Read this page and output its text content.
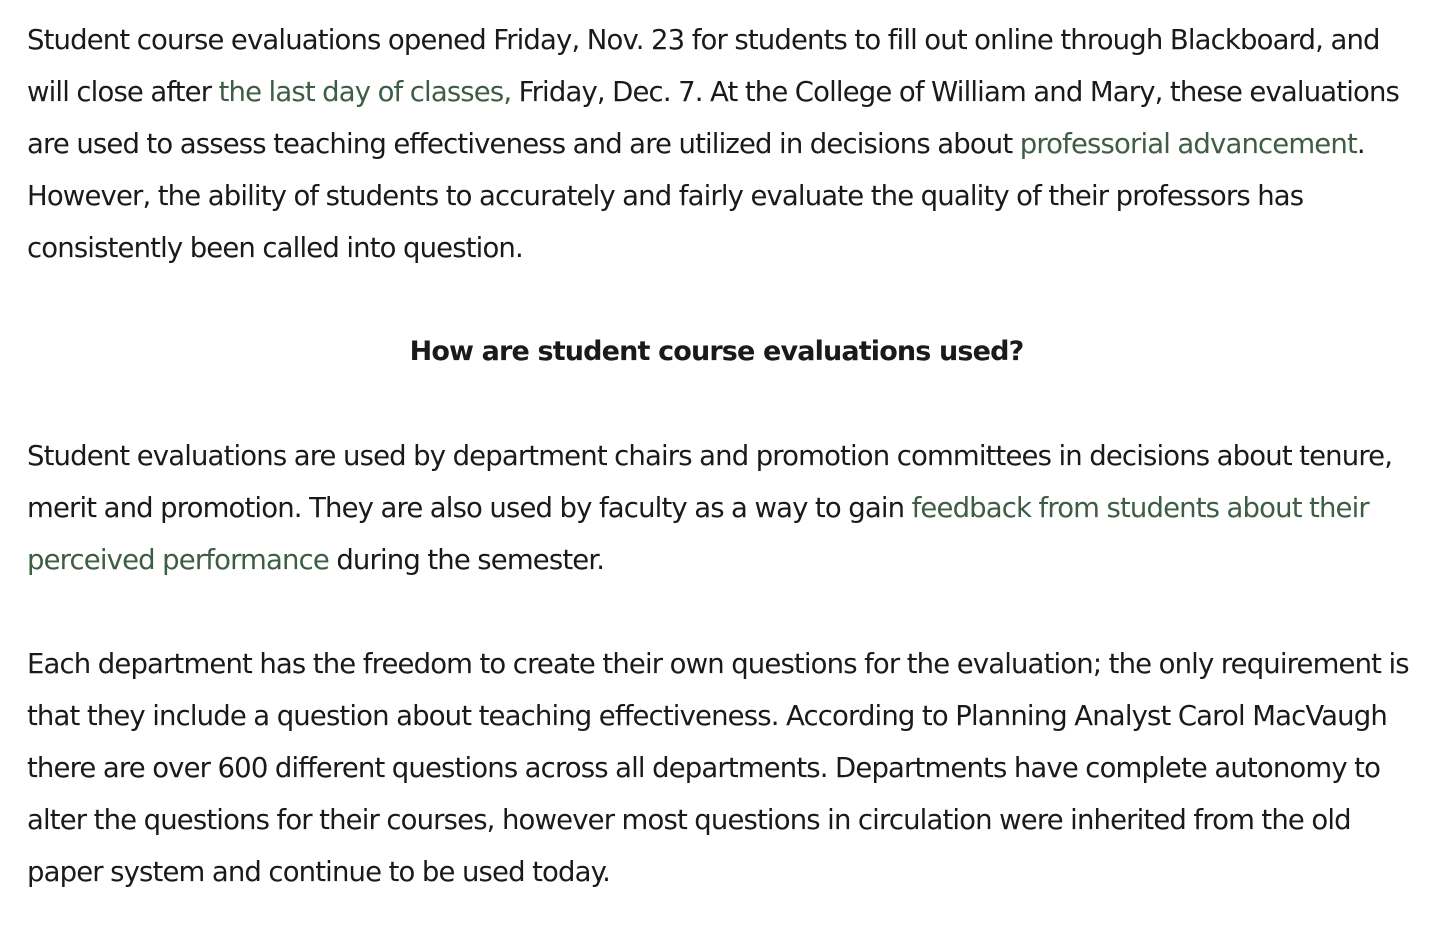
Student course evaluations opened Friday, Nov. 23 for students to fill out online through Blackboard, and will close after the last day of classes, Friday, Dec. 7. At the College of William and Mary, these evaluations are used to assess teaching effectiveness and are utilized in decisions about professorial advancement. However, the ability of students to accurately and fairly evaluate the quality of their professors has consistently been called into question.

How are student course evaluations used?

Student evaluations are used by department chairs and promotion committees in decisions about tenure, merit and promotion. They are also used by faculty as a way to gain feedback from students about their perceived performance during the semester.

Each department has the freedom to create their own questions for the evaluation; the only requirement is that they include a question about teaching effectiveness. According to Planning Analyst Carol MacVaugh there are over 600 different questions across all departments. Departments have complete autonomy to alter the questions for their courses, however most questions in circulation were inherited from the old paper system and continue to be used today.
